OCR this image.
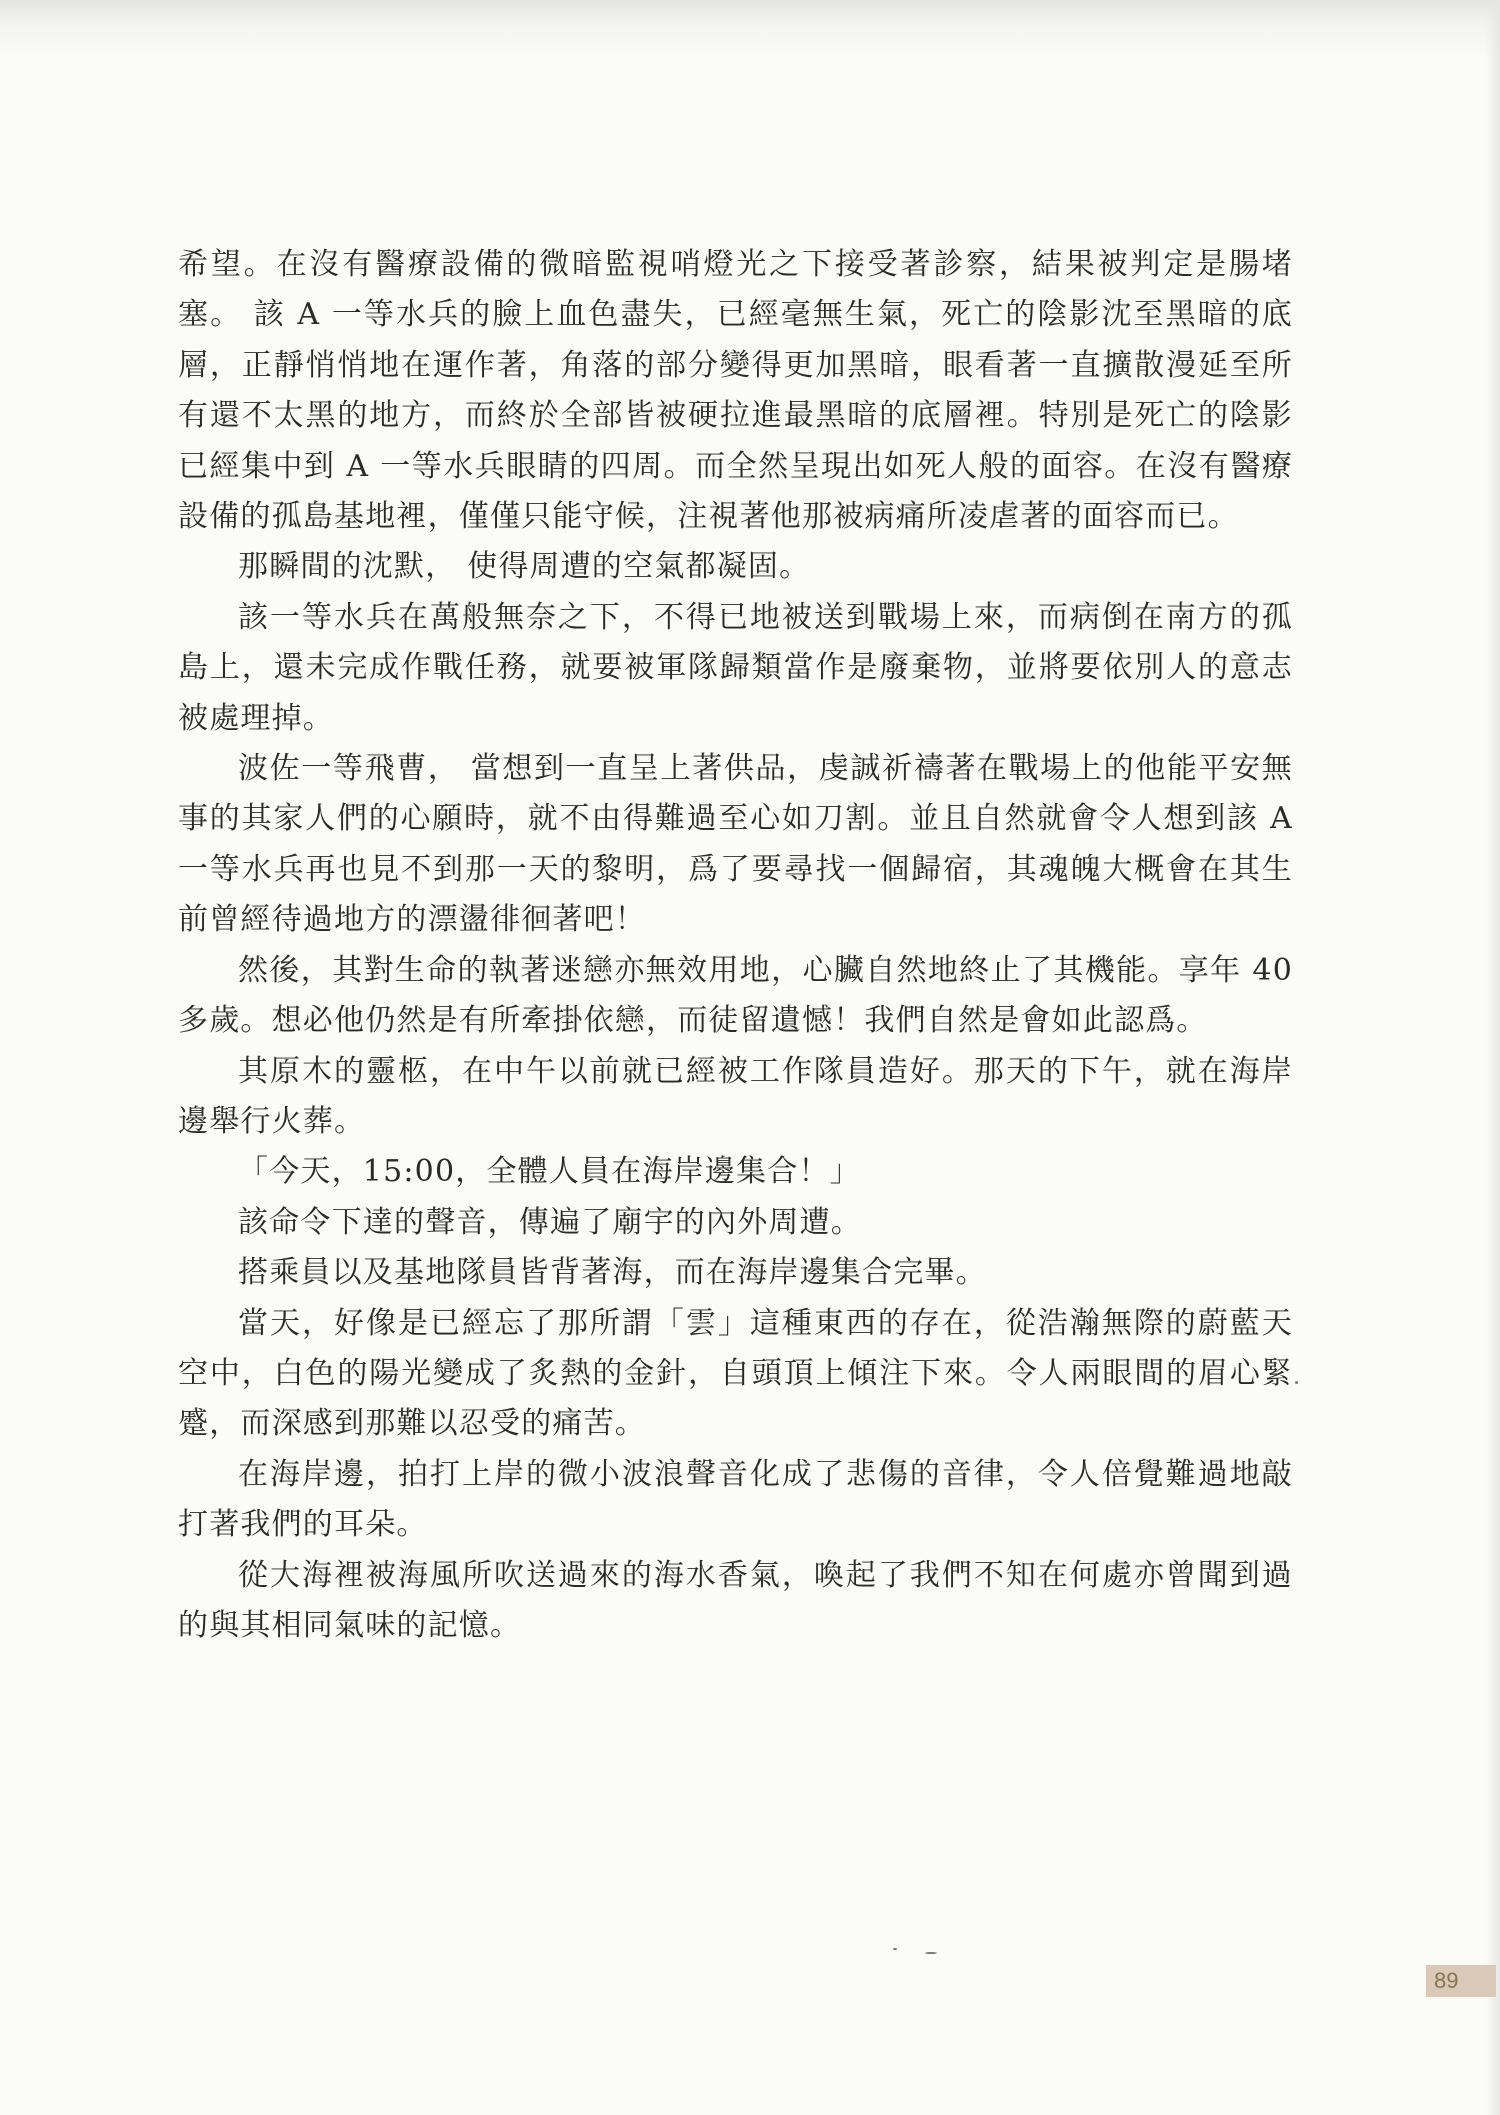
希望。在沒有醫療設備的微暗監視哨燈光之下接受著診察，結果被判定是腸堵塞。 該 A 一等水兵的臉上血色盡失，已經毫無生氣，死亡的陰影沈至黑暗的底層，正靜悄悄地在運作著，角落的部分變得更加黑暗，眼看著一直擴散漫延至所有還不太黑的地方，而終於全部皆被硬拉進最黑暗的底層裡。特別是死亡的陰影已經集中到 A 一等水兵眼睛的四周。而全然呈現出如死人般的面容。在沒有醫療設備的孤島基地裡，僅僅只能守候，注視著他那被病痛所凌虐著的面容而已。

那瞬間的沈默， 使得周遭的空氣都凝固。

該一等水兵在萬般無奈之下，不得已地被送到戰場上來，而病倒在南方的孤島上，還未完成作戰任務，就要被軍隊歸類當作是廢棄物，並將要依別人的意志被處理掉。

波佐一等飛曹， 當想到一直呈上著供品，虔誠祈禱著在戰場上的他能平安無事的其家人們的心願時，就不由得難過至心如刀割。並且自然就會令人想到該 A 一等水兵再也見不到那一天的黎明，爲了要尋找一個歸宿，其魂魄大概會在其生前曾經待過地方的漂盪徘徊著吧！

然後，其對生命的執著迷戀亦無效用地，心臟自然地終止了其機能。享年 40 多歲。想必他仍然是有所牽掛依戀，而徒留遺憾！我們自然是會如此認爲。

其原木的靈柩，在中午以前就已經被工作隊員造好。那天的下午，就在海岸邊舉行火葬。

「今天，15:00，全體人員在海岸邊集合！」

該命令下達的聲音，傳遍了廟宇的內外周遭。

搭乘員以及基地隊員皆背著海，而在海岸邊集合完畢。

當天，好像是已經忘了那所謂「雲」這種東西的存在，從浩瀚無際的蔚藍天空中，白色的陽光變成了炙熱的金針，自頭頂上傾注下來。令人兩眼間的眉心緊蹙，而深感到那難以忍受的痛苦。

在海岸邊，拍打上岸的微小波浪聲音化成了悲傷的音律，令人倍覺難過地敲打著我們的耳朵。

從大海裡被海風所吹送過來的海水香氣，喚起了我們不知在何處亦曾聞到過的與其相同氣味的記憶。

89
